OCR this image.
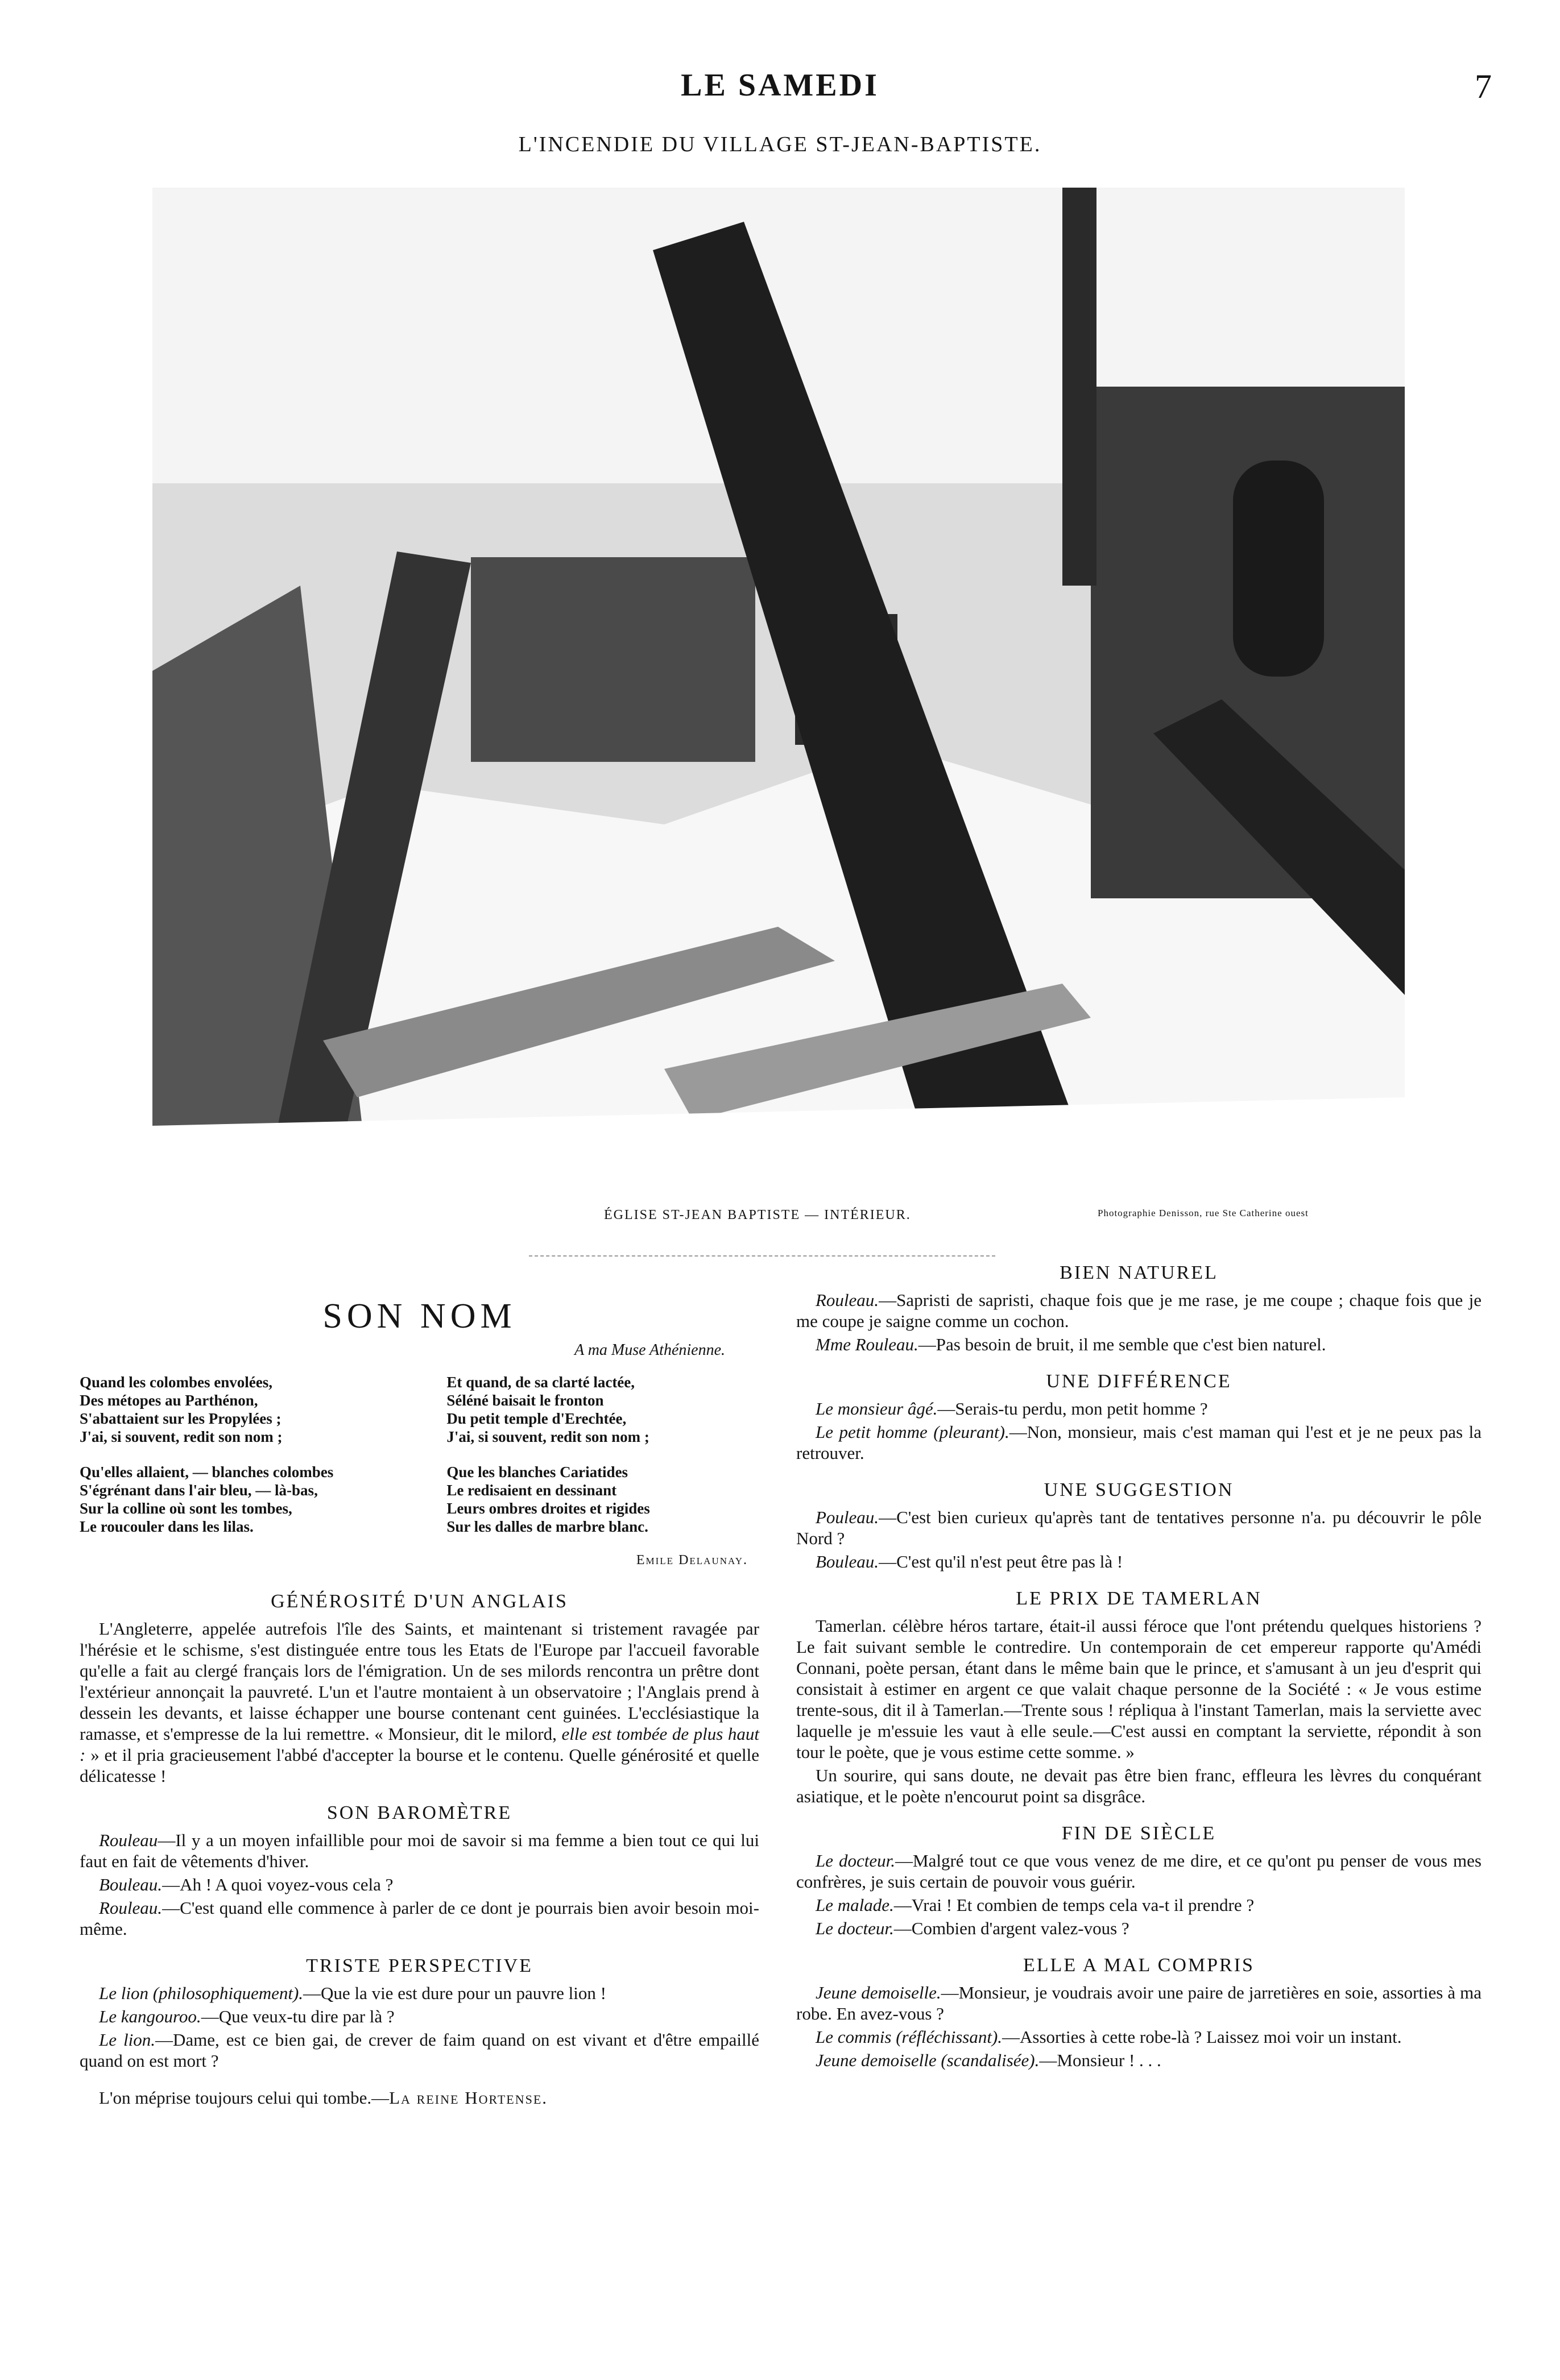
LE SAMEDI	7
L'INCENDIE DU VILLAGE ST-JEAN-BAPTISTE.
ÉGLISE ST-JEAN BAPTISTE — INTÉRIEUR.	Photographie Denisson, rue Ste Catherine ouest
SON NOM
A ma Muse Athénienne.
Quand les colombes envolées,
Des métopes au Parthénon,
S'abattaient sur les Propylées ;
J'ai, si souvent, redit son nom ;
Qu'elles allaient, — blanches colombes
S'égrénant dans l'air bleu, — là-bas,
Sur la colline où sont les tombes,
Le roucouler dans les lilas.
Et quand, de sa clarté lactée,
Séléné baisait le fronton
Du petit temple d'Erechtée,
J'ai, si souvent, redit son nom ;
Que les blanches Cariatides
Le redisaient en dessinant
Leurs ombres droites et rigides
Sur les dalles de marbre blanc.
Emile Delaunay.
GÉNÉROSITÉ D'UN ANGLAIS

L'Angleterre, appelée autrefois l'île des Saints, et maintenant si tristement ravagée par l'hérésie et le schisme, s'est distinguée entre tous les Etats de l'Europe par l'accueil favorable qu'elle a fait au clergé français lors de l'émigration. Un de ses milords rencontra un prêtre dont l'extérieur annonçait la pauvreté. L'un et l'autre montaient à un observatoire ; l'Anglais prend à dessein les devants, et laisse échapper une bourse contenant cent guinées. L'ecclésiastique la ramasse, et s'empresse de la lui remettre. « Monsieur, dit le milord, elle est tombée de plus haut : » et il pria gracieusement l'abbé d'accepter la bourse et le contenu. Quelle générosité et quelle délicatesse !

SON BAROMÈTRE

Rouleau—Il y a un moyen infaillible pour moi de savoir si ma femme a bien tout ce qui lui faut en fait de vêtements d'hiver.

Bouleau.—Ah ! A quoi voyez-vous cela ?

Rouleau.—C'est quand elle commence à parler de ce dont je pourrais bien avoir besoin moi-même.

TRISTE PERSPECTIVE

Le lion (philosophiquement).—Que la vie est dure pour un pauvre lion !

Le kangouroo.—Que veux-tu dire par là ?

Le lion.—Dame, est ce bien gai, de crever de faim quand on est vivant et d'être empaillé quand on est mort ?

L'on méprise toujours celui qui tombe.—La reine Hortense.

BIEN NATUREL

Rouleau.—Sapristi de sapristi, chaque fois que je me rase, je me coupe ; chaque fois que je me coupe je saigne comme un cochon.

Mme Rouleau.—Pas besoin de bruit, il me semble que c'est bien naturel.

UNE DIFFÉRENCE

Le monsieur âgé.—Serais-tu perdu, mon petit homme ?

Le petit homme (pleurant).—Non, monsieur, mais c'est maman qui l'est et je ne peux pas la retrouver.

UNE SUGGESTION

Pouleau.—C'est bien curieux qu'après tant de tentatives personne n'a. pu découvrir le pôle Nord ?

Bouleau.—C'est qu'il n'est peut être pas là !

LE PRIX DE TAMERLAN

Tamerlan. célèbre héros tartare, était-il aussi féroce que l'ont prétendu quelques historiens ? Le fait suivant semble le contredire. Un contemporain de cet empereur rapporte qu'Amédi Connani, poète persan, étant dans le même bain que le prince, et s'amusant à un jeu d'esprit qui consistait à estimer en argent ce que valait chaque personne de la Société : « Je vous estime trente-sous, dit il à Tamerlan.—Trente sous ! répliqua à l'instant Tamerlan, mais la serviette avec laquelle je m'essuie les vaut à elle seule.—C'est aussi en comptant la serviette, répondit à son tour le poète, que je vous estime cette somme. »

Un sourire, qui sans doute, ne devait pas être bien franc, effleura les lèvres du conquérant asiatique, et le poète n'encourut point sa disgrâce.

FIN DE SIÈCLE

Le docteur.—Malgré tout ce que vous venez de me dire, et ce qu'ont pu penser de vous mes confrères, je suis certain de pouvoir vous guérir.

Le malade.—Vrai ! Et combien de temps cela va-t il prendre ?

Le docteur.—Combien d'argent valez-vous ?

ELLE A MAL COMPRIS

Jeune demoiselle.—Monsieur, je voudrais avoir une paire de jarretières en soie, assorties à ma robe. En avez-vous ?

Le commis (réfléchissant).—Assorties à cette robe-là ? Laissez moi voir un instant.

Jeune demoiselle (scandalisée).—Monsieur ! . . .
